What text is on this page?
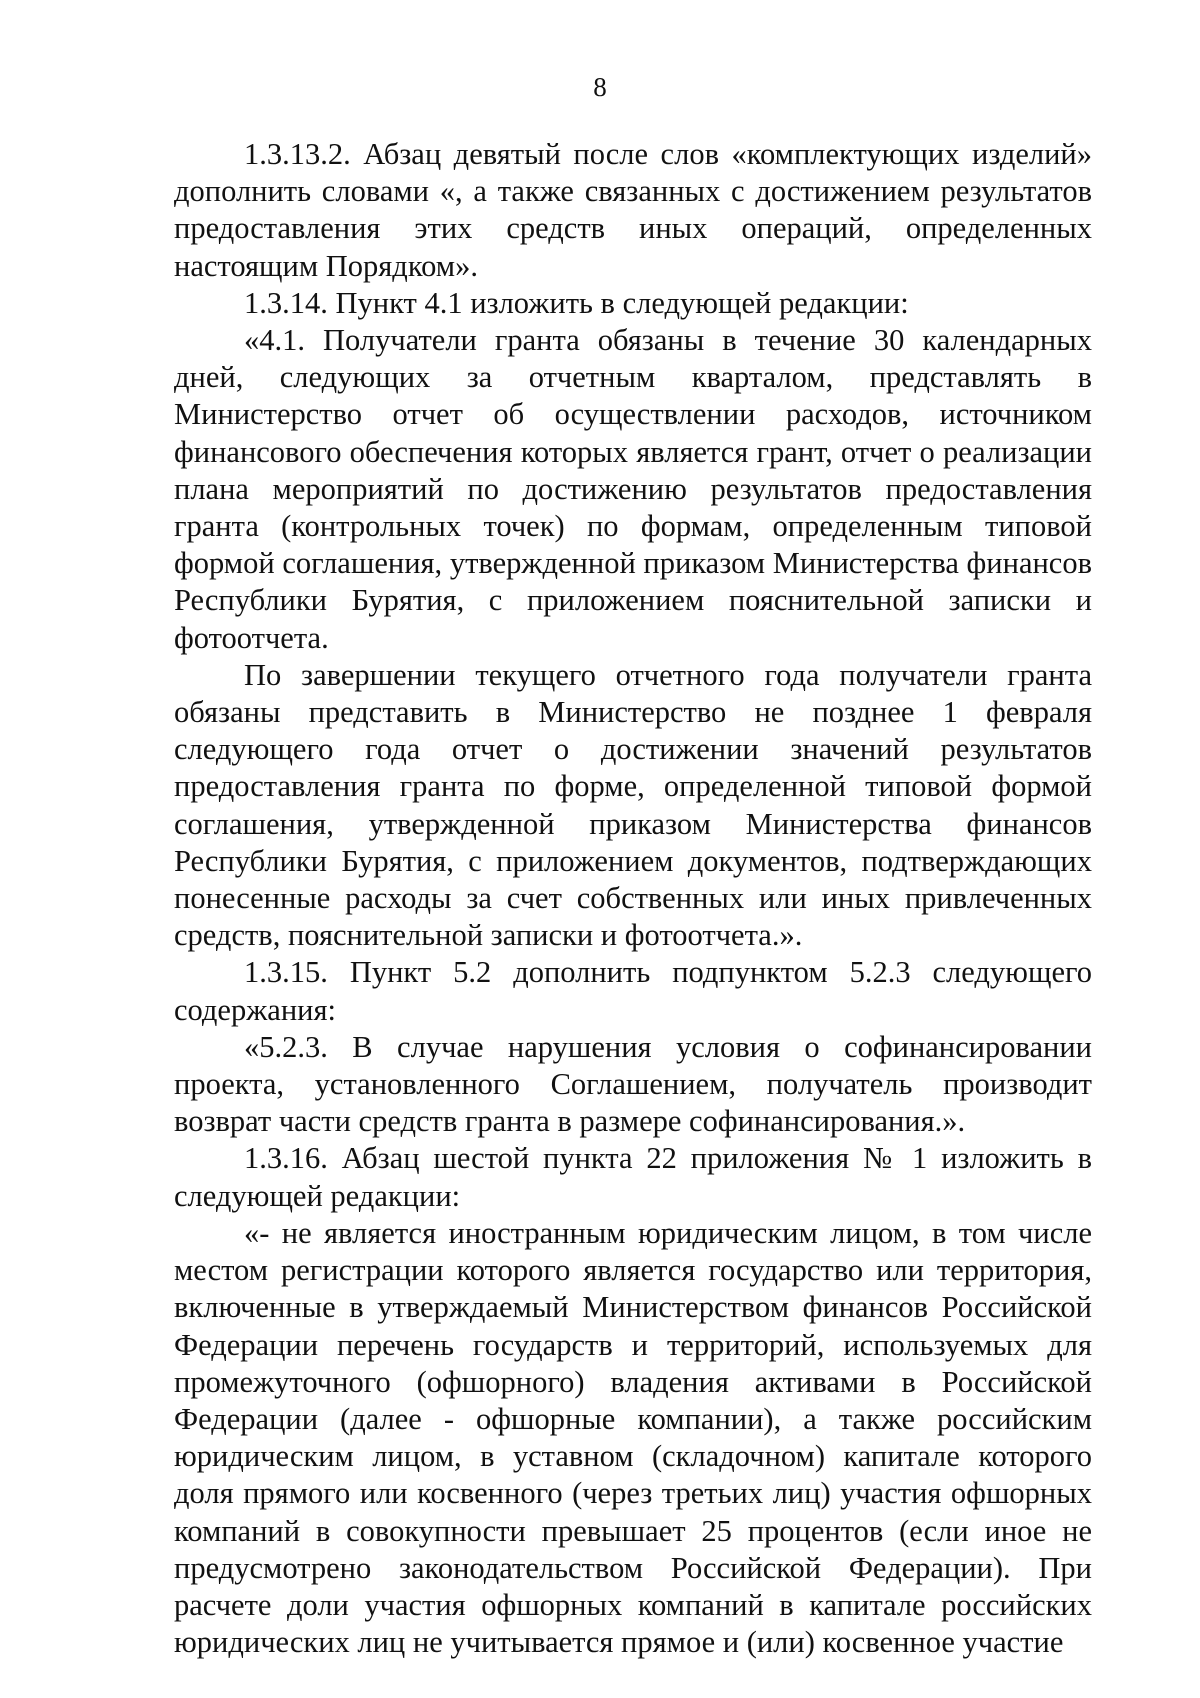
8

1.3.13.2. Абзац девятый после слов «комплектующих изделий» дополнить словами «, а также связанных с достижением результатов предоставления этих средств иных операций, определенных настоящим Порядком».

1.3.14. Пункт 4.1 изложить в следующей редакции:

«4.1. Получатели гранта обязаны в течение 30 календарных дней, следующих за отчетным кварталом, представлять в Министерство отчет об осуществлении расходов, источником финансового обеспечения которых является грант, отчет о реализации плана мероприятий по достижению результатов предоставления гранта (контрольных точек) по формам, определенным типовой формой соглашения, утвержденной приказом Министерства финансов Республики Бурятия, с приложением пояснительной записки и фотоотчета.

По завершении текущего отчетного года получатели гранта обязаны представить в Министерство не позднее 1 февраля следующего года отчет о достижении значений результатов предоставления гранта по форме, определенной типовой формой соглашения, утвержденной приказом Министерства финансов Республики Бурятия, с приложением документов, подтверждающих понесенные расходы за счет собственных или иных привлеченных средств, пояснительной записки и фотоотчета.».

1.3.15. Пункт 5.2 дополнить подпунктом 5.2.3 следующего содержания:

«5.2.3. В случае нарушения условия о софинансировании проекта, установленного Соглашением, получатель производит возврат части средств гранта в размере софинансирования.».

1.3.16. Абзац шестой пункта 22 приложения № 1 изложить в следующей редакции:

«- не является иностранным юридическим лицом, в том числе местом регистрации которого является государство или территория, включенные в утверждаемый Министерством финансов Российской Федерации перечень государств и территорий, используемых для промежуточного (офшорного) владения активами в Российской Федерации (далее - офшорные компании), а также российским юридическим лицом, в уставном (складочном) капитале которого доля прямого или косвенного (через третьих лиц) участия офшорных компаний в совокупности превышает 25 процентов (если иное не предусмотрено законодательством Российской Федерации). При расчете доли участия офшорных компаний в капитале российских юридических лиц не учитывается прямое и (или) косвенное участие
